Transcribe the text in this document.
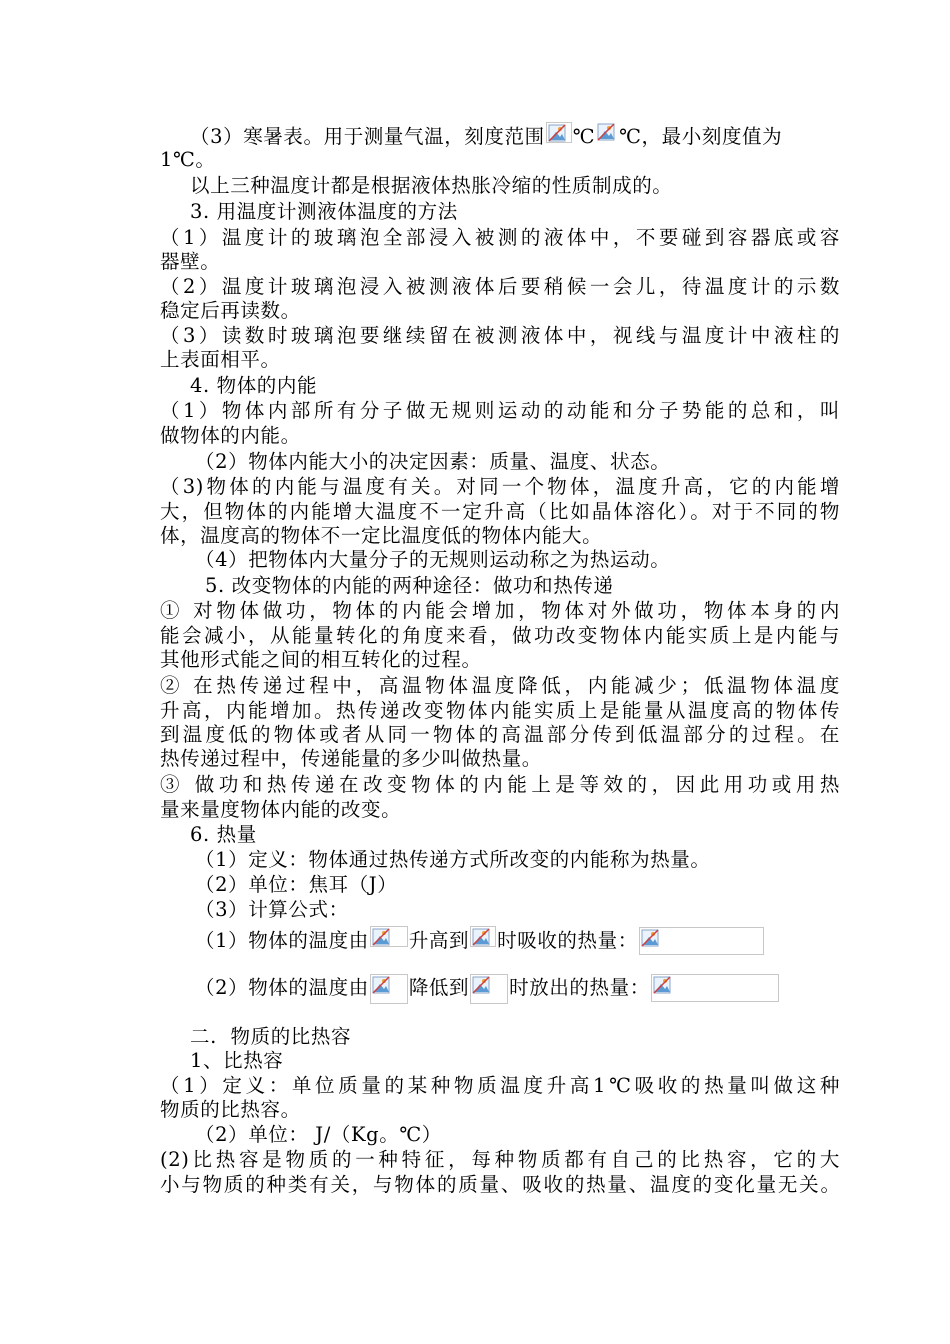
（3）寒暑表。用于测量气温，刻度范围 ℃ ℃，最小刻度值为
1℃。
以上三种温度计都是根据液体热胀冷缩的性质制成的。
3. 用温度计测液体温度的方法
（1）温度计的玻璃泡全部浸入被测的液体中，不要碰到容器底或容
器壁。
（2）温度计玻璃泡浸入被测液体后要稍候一会儿，待温度计的示数
稳定后再读数。
（3）读数时玻璃泡要继续留在被测液体中，视线与温度计中液柱的
上表面相平。
4. 物体的内能
（1）物体内部所有分子做无规则运动的动能和分子势能的总和，叫
做物体的内能。
（2）物体内能大小的决定因素：质量、温度、状态。
（3)物体的内能与温度有关。对同一个物体，温度升高，它的内能增
大，但物体的内能增大温度不一定升高（比如晶体溶化）。对于不同的物
体，温度高的物体不一定比温度低的物体内能大。
（4）把物体内大量分子的无规则运动称之为热运动。
5. 改变物体的内能的两种途径：做功和热传递
① 对物体做功，物体的内能会增加，物体对外做功，物体本身的内
能会减小，从能量转化的角度来看，做功改变物体内能实质上是内能与
其他形式能之间的相互转化的过程。
② 在热传递过程中，高温物体温度降低，内能减少；低温物体温度
升高，内能增加。热传递改变物体内能实质上是能量从温度高的物体传
到温度低的物体或者从同一物体的高温部分传到低温部分的过程。在
热传递过程中，传递能量的多少叫做热量。
③ 做功和热传递在改变物体的内能上是等效的，因此用功或用热
量来量度物体内能的改变。
6. 热量
（1）定义：物体通过热传递方式所改变的内能称为热量。
（2）单位：焦耳（J）
（3）计算公式：
（1）物体的温度由 升高到 时吸收的热量：
（2）物体的温度由 降低到 时放出的热量：
二.  物质的比热容
1、比热容
（1）定义：单位质量的某种物质温度升高1℃吸收的热量叫做这种
物质的比热容。
（2）单位： J/（Kg。℃）
(2)比热容是物质的一种特征，每种物质都有自己的比热容，它的大
小与物质的种类有关，与物体的质量、吸收的热量、温度的变化量无关。
